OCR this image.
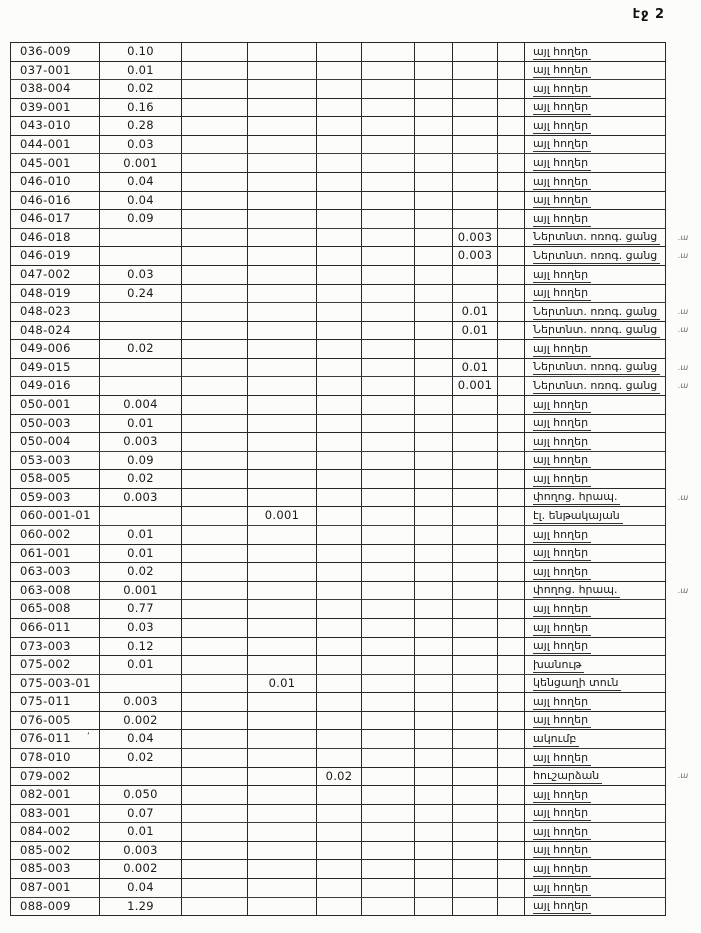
էջ 2
036-009	0.10								այլ հողեր	
037-001	0.01								այլ հողեր	
038-004	0.02								այլ հողեր	
039-001	0.16								այլ հողեր	
043-010	0.28								այլ հողեր	
044-001	0.03								այլ հողեր	
045-001	0.001								այլ հողեր	
046-010	0.04								այլ հողեր	
046-016	0.04								այլ հողեր	
046-017	0.09								այլ հողեր	
046-018							0.003		Ներտնտ. ոռոգ. ցանց	.ա
046-019							0.003		Ներտնտ. ոռոգ. ցանց	.ա
047-002	0.03								այլ հողեր	
048-019	0.24								այլ հողեր	
048-023							0.01		Ներտնտ. ոռոգ. ցանց	.ա
048-024							0.01		Ներտնտ. ոռոգ. ցանց	.ա
049-006	0.02								այլ հողեր	
049-015							0.01		Ներտնտ. ոռոգ. ցանց	.ա
049-016							0.001		Ներտնտ. ոռոգ. ցանց	.ա
050-001	0.004								այլ հողեր	
050-003	0.01								այլ հողեր	
050-004	0.003								այլ հողեր	
053-003	0.09								այլ հողեր	
058-005	0.02								այլ հողեր	
059-003	0.003								փողոց. հրապ.	.ա
060-001-01			0.001						էլ. ենթակայան	
060-002	0.01								այլ հողեր	
061-001	0.01								այլ հողեր	
063-003	0.02								այլ հողեր	
063-008	0.001								փողոց. հրապ.	.ա
065-008	0.77								այլ հողեր	
066-011	0.03								այլ հողեր	
073-003	0.12								այլ հողեր	
075-002	0.01								խանութ	
075-003-01			0.01						կենցաղի տուն	
075-011	0.003								այլ հողեր	
076-005	0.002								այլ հողեր	
076-011 ’	0.04								ակումբ	
078-010	0.02								այլ հողեր	
079-002				0.02					հուշարձան	.ա
082-001	0.050								այլ հողեր	
083-001	0.07								այլ հողեր	
084-002	0.01								այլ հողեր	
085-002	0.003								այլ հողեր	
085-003	0.002								այլ հողեր	
087-001	0.04								այլ հողեր	
088-009	1.29								այլ հողեր	
